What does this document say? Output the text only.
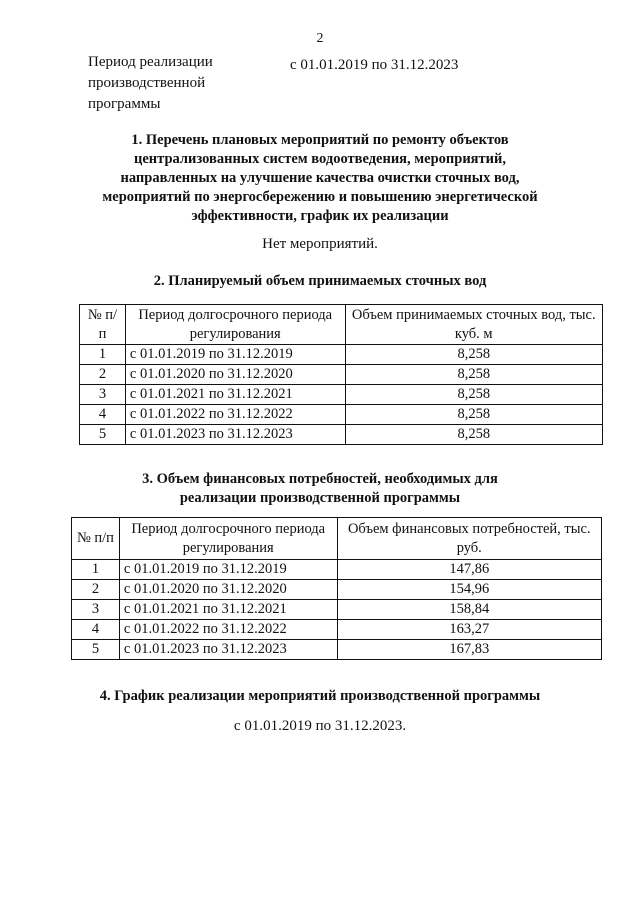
2
Период реализации
производственной
программы
с 01.01.2019 по 31.12.2023
1. Перечень плановых мероприятий по ремонту объектов
централизованных систем водоотведения, мероприятий,
направленных на улучшение качества очистки сточных вод,
мероприятий по энергосбережению и повышению энергетической
эффективности, график их реализации
Нет мероприятий.
2. Планируемый объем принимаемых сточных вод
№ п/п	Период долгосрочного периода регулирования	Объем принимаемых сточных вод, тыс. куб. м
1	с 01.01.2019 по 31.12.2019	8,258
2	с 01.01.2020 по 31.12.2020	8,258
3	с 01.01.2021 по 31.12.2021	8,258
4	с 01.01.2022 по 31.12.2022	8,258
5	с 01.01.2023 по 31.12.2023	8,258
3. Объем финансовых потребностей, необходимых для
реализации производственной программы
№ п/п	Период долгосрочного периода регулирования	Объем финансовых потребностей, тыс. руб.
1	с 01.01.2019 по 31.12.2019	147,86
2	с 01.01.2020 по 31.12.2020	154,96
3	с 01.01.2021 по 31.12.2021	158,84
4	с 01.01.2022 по 31.12.2022	163,27
5	с 01.01.2023 по 31.12.2023	167,83
4. График реализации мероприятий производственной программы
с 01.01.2019 по 31.12.2023.
